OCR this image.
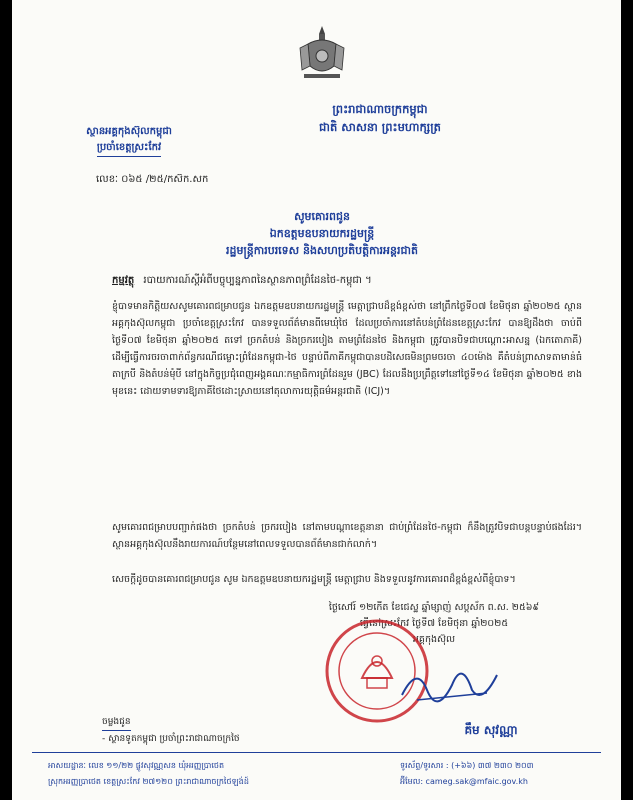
ព្រះរាជាណាចក្រកម្ពុជា
ជាតិ សាសនា ព្រះមហាក្សត្រ
ស្ថានអគ្គកុងស៊ុលកម្ពុជា
ប្រចាំខេត្តស្រះកែវ
លេខៈ ០៦៥ /២៥/កស៊ក.សក
សូមគោរពជូន
ឯកឧត្តមឧបនាយករដ្ឋមន្ត្រី
រដ្ឋមន្ត្រីការបរទេស និងសហប្រតិបត្តិការអន្តរជាតិ
កម្មវត្ថុ របាយការណ៍ស្តីអំពីបច្ចុប្បន្នភាពនៃស្ថានភាពព្រំដែនថៃ-កម្ពុជា ។
ខ្ញុំបាទមានកិត្តិយសសូមគោរពជម្រាបជូន ឯកឧត្តមឧបនាយករដ្ឋមន្ត្រី មេត្តាជ្រាបដ៏ខ្ពង់ខ្ពស់ថា នៅព្រឹកថ្ងៃទី០៧ ខែមិថុនា ឆ្នាំ២០២៥ ស្ថានអគ្គកុងស៊ុលកម្ពុជា ប្រចាំខេត្តស្រះកែវ បានទទួលព័ត៌មានពីមេឃុំថៃ ដែលប្រចាំការនៅតំបន់ព្រំដែនខេត្តស្រះកែវ បានឱ្យដឹងថា ចាប់ពីថ្ងៃទី០៧ ខែមិថុនា ឆ្នាំ២០២៥ តទៅ ច្រកតំបន់ និងច្រករបៀង តាមព្រំដែនថៃ និងកម្ពុជា ត្រូវបានបិទជាបណ្តោះអាសន្ន (ឯកតោភាគី) ដើម្បីធ្វើការចរចាពាក់ព័ន្ធករណីជម្លោះព្រំដែនកម្ពុជា-ថៃ បន្ទាប់ពីភាគីកម្ពុជាបានបដិសេធមិនព្រមចរចា ៤០ម៉ោង គឺតំបន់ព្រាសាទតាមាន់ធំ តាក្របី និងតំបន់មុំបី នៅក្នុងកិច្ចប្រជុំពេញអង្គគណៈកម្មាធិការព្រំដែនរួម (JBC) ដែលនឹងប្រព្រឹត្តទៅនៅថ្ងៃទី១៤ ខែមិថុនា ឆ្នាំ២០២៥ ខាងមុខនេះ ដោយទាមទារឱ្យភាគីថៃដោះស្រាយនៅតុលាការយុត្តិធម៌អន្តរជាតិ (ICJ)។
សូមគោរពជម្រាបបញ្ជាក់ផងថា ច្រកតំបន់ ច្រករបៀង នៅតាមបណ្តាខេត្តនានា ជាប់ព្រំដែនថៃ-កម្ពុជា ក៏នឹងត្រូវបិទជាបន្តបន្ទាប់ផងដែរ។ ស្ថានអគ្គកុងស៊ុលនឹងរាយការណ៍បន្ថែមនៅពេលទទួលបានព័ត៌មានជាក់លាក់។
សេចក្តីដូចបានគោរពជម្រាបជូន សូម ឯកឧត្តមឧបនាយករដ្ឋមន្ត្រី មេត្តាជ្រាប និងទទួលនូវការគោរពដ៏ខ្ពង់ខ្ពស់ពីខ្ញុំបាទ។
ថ្ងៃសៅរ៍ ១២កើត ខែជេស្ឋ ឆ្នាំម្សាញ់ សប្តស័ក ព.ស. ២៥៦៩
ធ្វើនៅស្រះកែវ ថ្ងៃទី៧ ខែមិថុនា ឆ្នាំ២០២៥
អគ្គកុងស៊ុល
គឹម សុវណ្ណា
ចម្លងជូន
- ស្ថានទូតកម្ពុជា ប្រចាំព្រះរាជាណាចក្រថៃ
អាសយដ្ឋានៈ លេខ ១១/២២ ផ្លូវសុវណ្ណសន ឃុំអរញ្ញប្រាថេត
ស្រុកអរញ្ញប្រាថេត ខេត្តស្រះកែវ ២៧១២០ ព្រះរាជាណាចក្រថៃឡង់ដ៍
ទូរស័ព្ទ/ទូរសារ : (+៦៦) ៣៧ ២៣០ ២០៣
អ៊ីមែល: cameg.sak@mfaic.gov.kh
